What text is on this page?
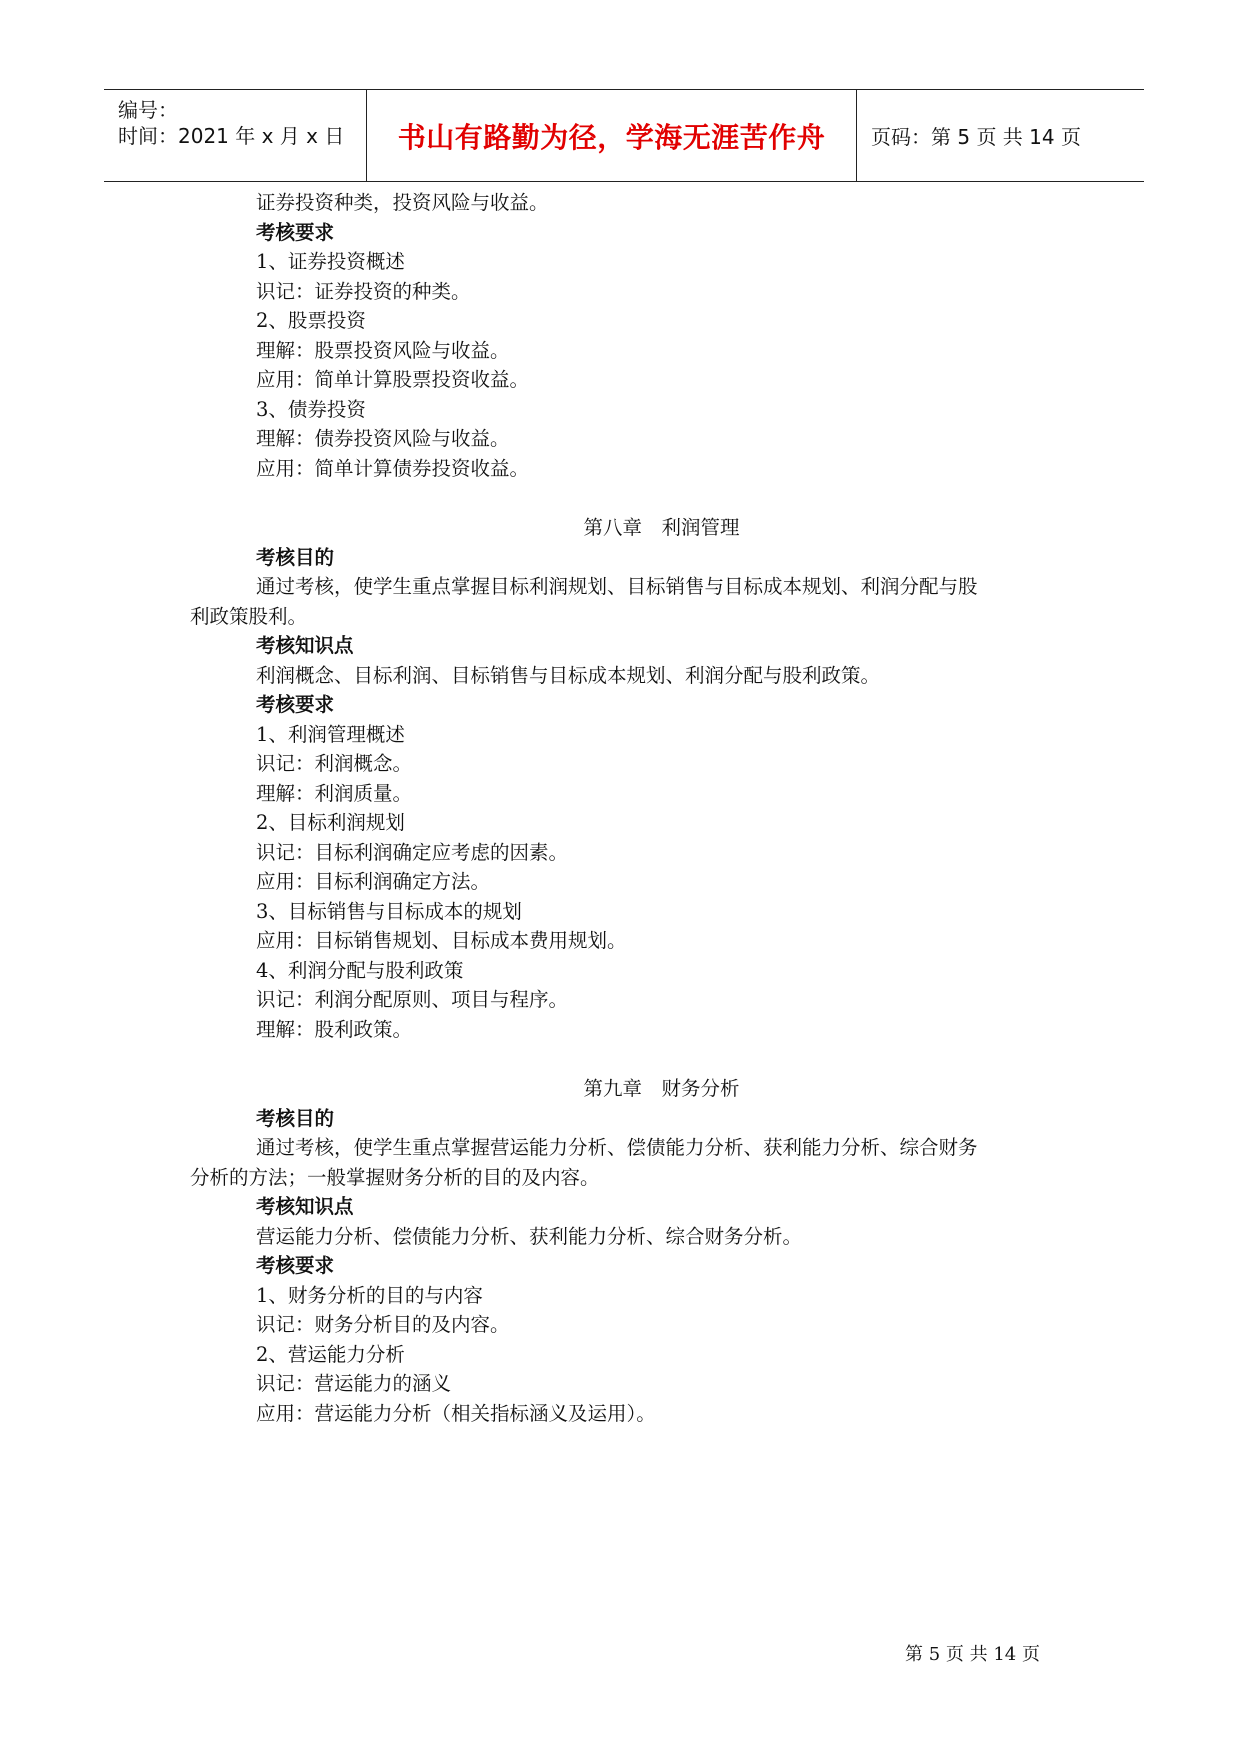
编号：
时间：2021 年 x 月 x 日 书山有路勤为径，学海无涯苦作舟 页码：第 5 页 共 14 页
证券投资种类，投资风险与收益。
考核要求
1、证券投资概述
识记：证券投资的种类。
2、股票投资
理解：股票投资风险与收益。
应用：简单计算股票投资收益。
3、债券投资
理解：债券投资风险与收益。
应用：简单计算债券投资收益。
第八章　利润管理
考核目的
通过考核，使学生重点掌握目标利润规划、目标销售与目标成本规划、利润分配与股
利政策股利。
考核知识点
利润概念、目标利润、目标销售与目标成本规划、利润分配与股利政策。
考核要求
1、利润管理概述
识记：利润概念。
理解：利润质量。
2、目标利润规划
识记：目标利润确定应考虑的因素。
应用：目标利润确定方法。
3、目标销售与目标成本的规划
应用：目标销售规划、目标成本费用规划。
4、利润分配与股利政策
识记：利润分配原则、项目与程序。
理解：股利政策。
第九章　财务分析
考核目的
通过考核，使学生重点掌握营运能力分析、偿债能力分析、获利能力分析、综合财务
分析的方法；一般掌握财务分析的目的及内容。
考核知识点
营运能力分析、偿债能力分析、获利能力分析、综合财务分析。
考核要求
1、财务分析的目的与内容
识记：财务分析目的及内容。
2、营运能力分析
识记：营运能力的涵义
应用：营运能力分析（相关指标涵义及运用）。
第 5 页 共 14 页
